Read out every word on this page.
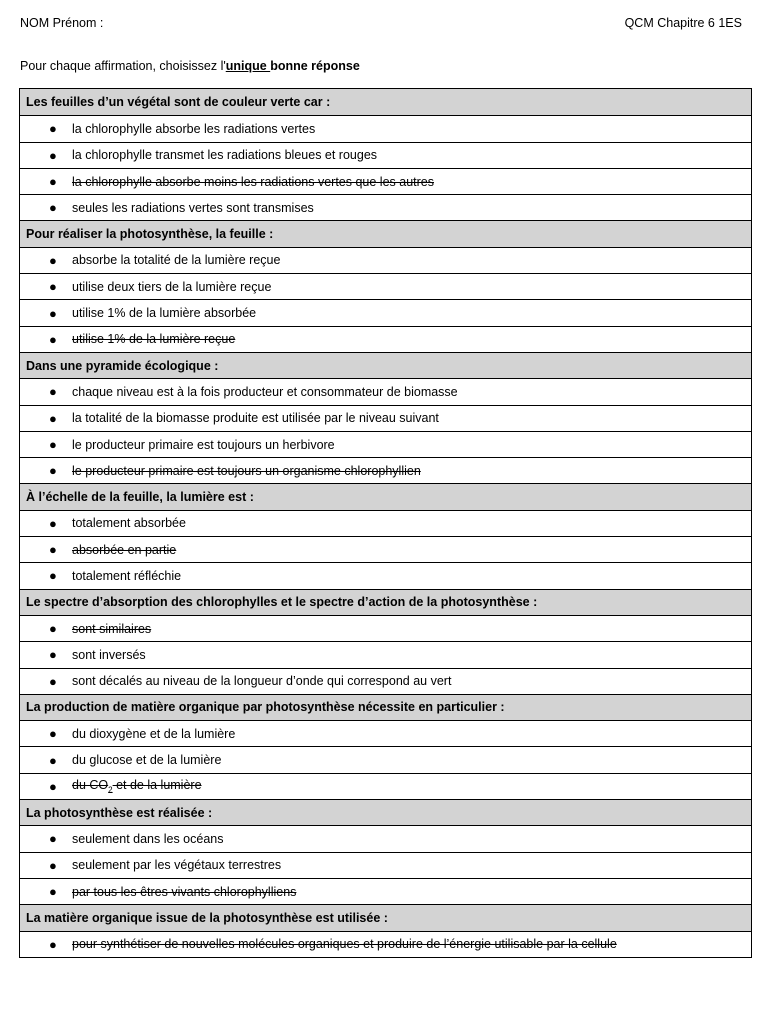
NOM Prénom :	QCM Chapitre 6 1ES
Pour chaque affirmation, choisissez l'unique bonne réponse
Les feuilles d’un végétal sont de couleur verte car :
●	la chlorophylle absorbe les radiations vertes
●	la chlorophylle transmet les radiations bleues et rouges
●	la chlorophylle absorbe moins les radiations vertes que les autres
●	seules les radiations vertes sont transmises
Pour réaliser la photosynthèse, la feuille :
●	absorbe la totalité de la lumière reçue
●	utilise deux tiers de la lumière reçue
●	utilise 1% de la lumière absorbée
●	utilise 1% de la lumière reçue
Dans une pyramide écologique :
●	chaque niveau est à la fois producteur et consommateur de biomasse
●	la totalité de la biomasse produite est utilisée par le niveau suivant
●	le producteur primaire est toujours un herbivore
●	le producteur primaire est toujours un organisme chlorophyllien
À l’échelle de la feuille, la lumière est :
●	totalement absorbée
●	absorbée en partie
●	totalement réfléchie
Le spectre d’absorption des chlorophylles et le spectre d’action de la photosynthèse :
●	sont similaires
●	sont inversés
●	sont décalés au niveau de la longueur d’onde qui correspond au vert
La production de matière organique par photosynthèse nécessite en particulier :
●	du dioxygène et de la lumière
●	du glucose et de la lumière
●	du $CO_2$ et de la lumière
La photosynthèse est réalisée :
●	seulement dans les océans
●	seulement par les végétaux terrestres
●	par tous les êtres vivants chlorophylliens
La matière organique issue de la photosynthèse est utilisée :
●	pour synthétiser de nouvelles molécules organiques et produire de l’énergie utilisable par la cellule
